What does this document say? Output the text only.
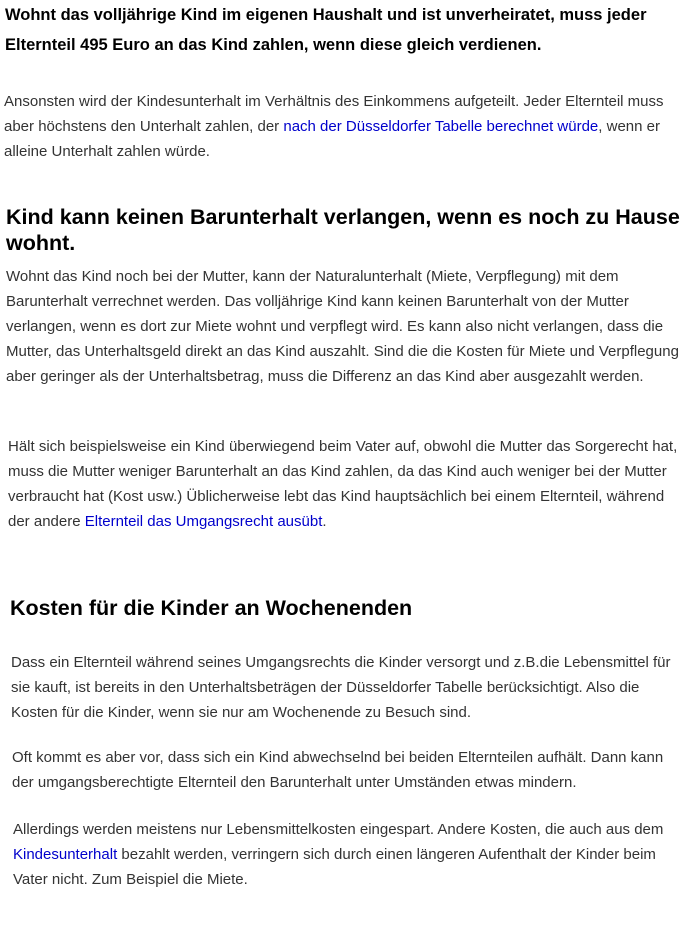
Wohnt das volljährige Kind im eigenen Haushalt und ist unverheiratet, muss jeder Elternteil 495 Euro an das Kind zahlen, wenn diese gleich verdienen.

Ansonsten wird der Kindesunterhalt im Verhältnis des Einkommens aufgeteilt. Jeder Elternteil muss aber höchstens den Unterhalt zahlen, der nach der Düsseldorfer Tabelle berechnet würde, wenn er alleine Unterhalt zahlen würde.

Kind kann keinen Barunterhalt verlangen, wenn es noch zu Hause wohnt.

Wohnt das Kind noch bei der Mutter, kann der Naturalunterhalt (Miete, Verpflegung) mit dem Barunterhalt verrechnet werden. Das volljährige Kind kann keinen Barunterhalt von der Mutter verlangen, wenn es dort zur Miete wohnt und verpflegt wird. Es kann also nicht verlangen, dass die Mutter, das Unterhaltsgeld direkt an das Kind auszahlt. Sind die die Kosten für Miete und Verpflegung aber geringer als der Unterhaltsbetrag, muss die Differenz an das Kind aber ausgezahlt werden.

Hält sich beispielsweise ein Kind überwiegend beim Vater auf, obwohl die Mutter das Sorgerecht hat, muss die Mutter weniger Barunterhalt an das Kind zahlen, da das Kind auch weniger bei der Mutter verbraucht hat (Kost usw.) Üblicherweise lebt das Kind hauptsächlich bei einem Elternteil, während der andere Elternteil das Umgangsrecht ausübt.

Kosten für die Kinder an Wochenenden

Dass ein Elternteil während seines Umgangsrechts die Kinder versorgt und z.B.die Lebensmittel für sie kauft, ist bereits in den Unterhaltsbeträgen der Düsseldorfer Tabelle berücksichtigt. Also die Kosten für die Kinder, wenn sie nur am Wochenende zu Besuch sind.

Oft kommt es aber vor, dass sich ein Kind abwechselnd bei beiden Elternteilen aufhält. Dann kann der umgangsberechtigte Elternteil den Barunterhalt unter Umständen etwas mindern.

Allerdings werden meistens nur Lebensmittelkosten eingespart. Andere Kosten, die auch aus dem Kindesunterhalt bezahlt werden, verringern sich durch einen längeren Aufenthalt der Kinder beim Vater nicht. Zum Beispiel die Miete.
